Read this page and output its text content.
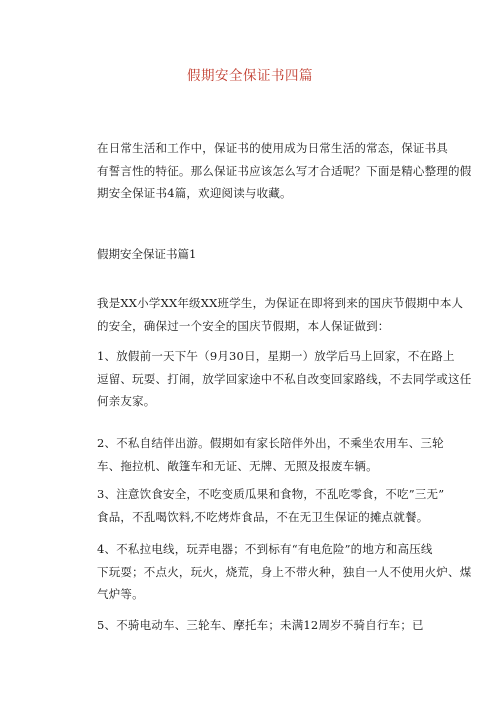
假期安全保证书四篇
在日常生活和工作中，保证书的使用成为日常生活的常态，保证书具
有誓言性的特征。那么保证书应该怎么写才合适呢？下面是精心整理的假
期安全保证书4篇，欢迎阅读与收藏。
假期安全保证书篇1
我是XX小学XX年级XX班学生，为保证在即将到来的国庆节假期中本人
的安全，确保过一个安全的国庆节假期，本人保证做到：
1、放假前一天下午（9月30日，星期一）放学后马上回家，不在路上
逗留、玩耍、打闹，放学回家途中不私自改变回家路线，不去同学或这任
何亲友家。
2、不私自结伴出游。假期如有家长陪伴外出，不乘坐农用车、三轮
车、拖拉机、敞篷车和无证、无牌、无照及报废车辆。
3、注意饮食安全，不吃变质瓜果和食物，不乱吃零食，不吃”三无”
食品，不乱喝饮料,不吃烤炸食品，不在无卫生保证的摊点就餐。
4、不私拉电线，玩弄电器；不到标有“有电危险”的地方和高压线
下玩耍；不点火，玩火，烧荒，身上不带火种，独自一人不使用火炉、煤
气炉等。
5、不骑电动车、三轮车、摩托车；未满12周岁不骑自行车；已
